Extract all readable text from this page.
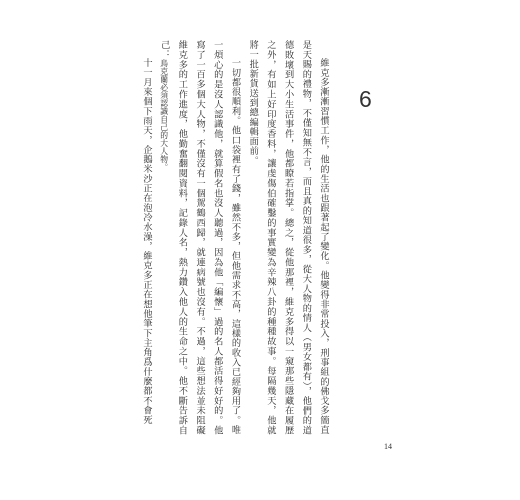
6

維克多漸漸習慣工作，他的生活也跟著起了變化。他變得非常投入，刑事組的佛戈多簡直是天賜的禮物，不僅知無不言，而且真的知道很多，從大人物的情人（男女都有），他們的道德敗壞到大小生活事件，他都瞭若指掌。總之，從他那裡，維克多得以一窺那些隱藏在履歷之外，有如上好印度香料，讓虔傷伯確鑿的事實變為辛辣八卦的種種故事。每隔幾天，他就將一批新貨送到總編輯面前。

一切都很順利。他口袋裡有了錢，雖然不多，但他需求不高，這樣的收入已經夠用了。唯一煩心的是沒人認識他，就算假名也沒人聽過，因為他「編懷」過的名人都活得好好的。他寫了一百多個大人物，不僅沒有一個駕鶴西歸，就連病號也沒有。不過，這些想法並未阻礙維克多的工作進度，他勤奮翻閱資料，記錄人名，熱力鑽入他人的生命之中。他不斷告訴自己：鳥克蘭必須認識自己的大人物。

十一月來個下雨天，企鵝米沙正在泡冷水澡，維克多正在想他筆下主角爲什麼都不會死

14
